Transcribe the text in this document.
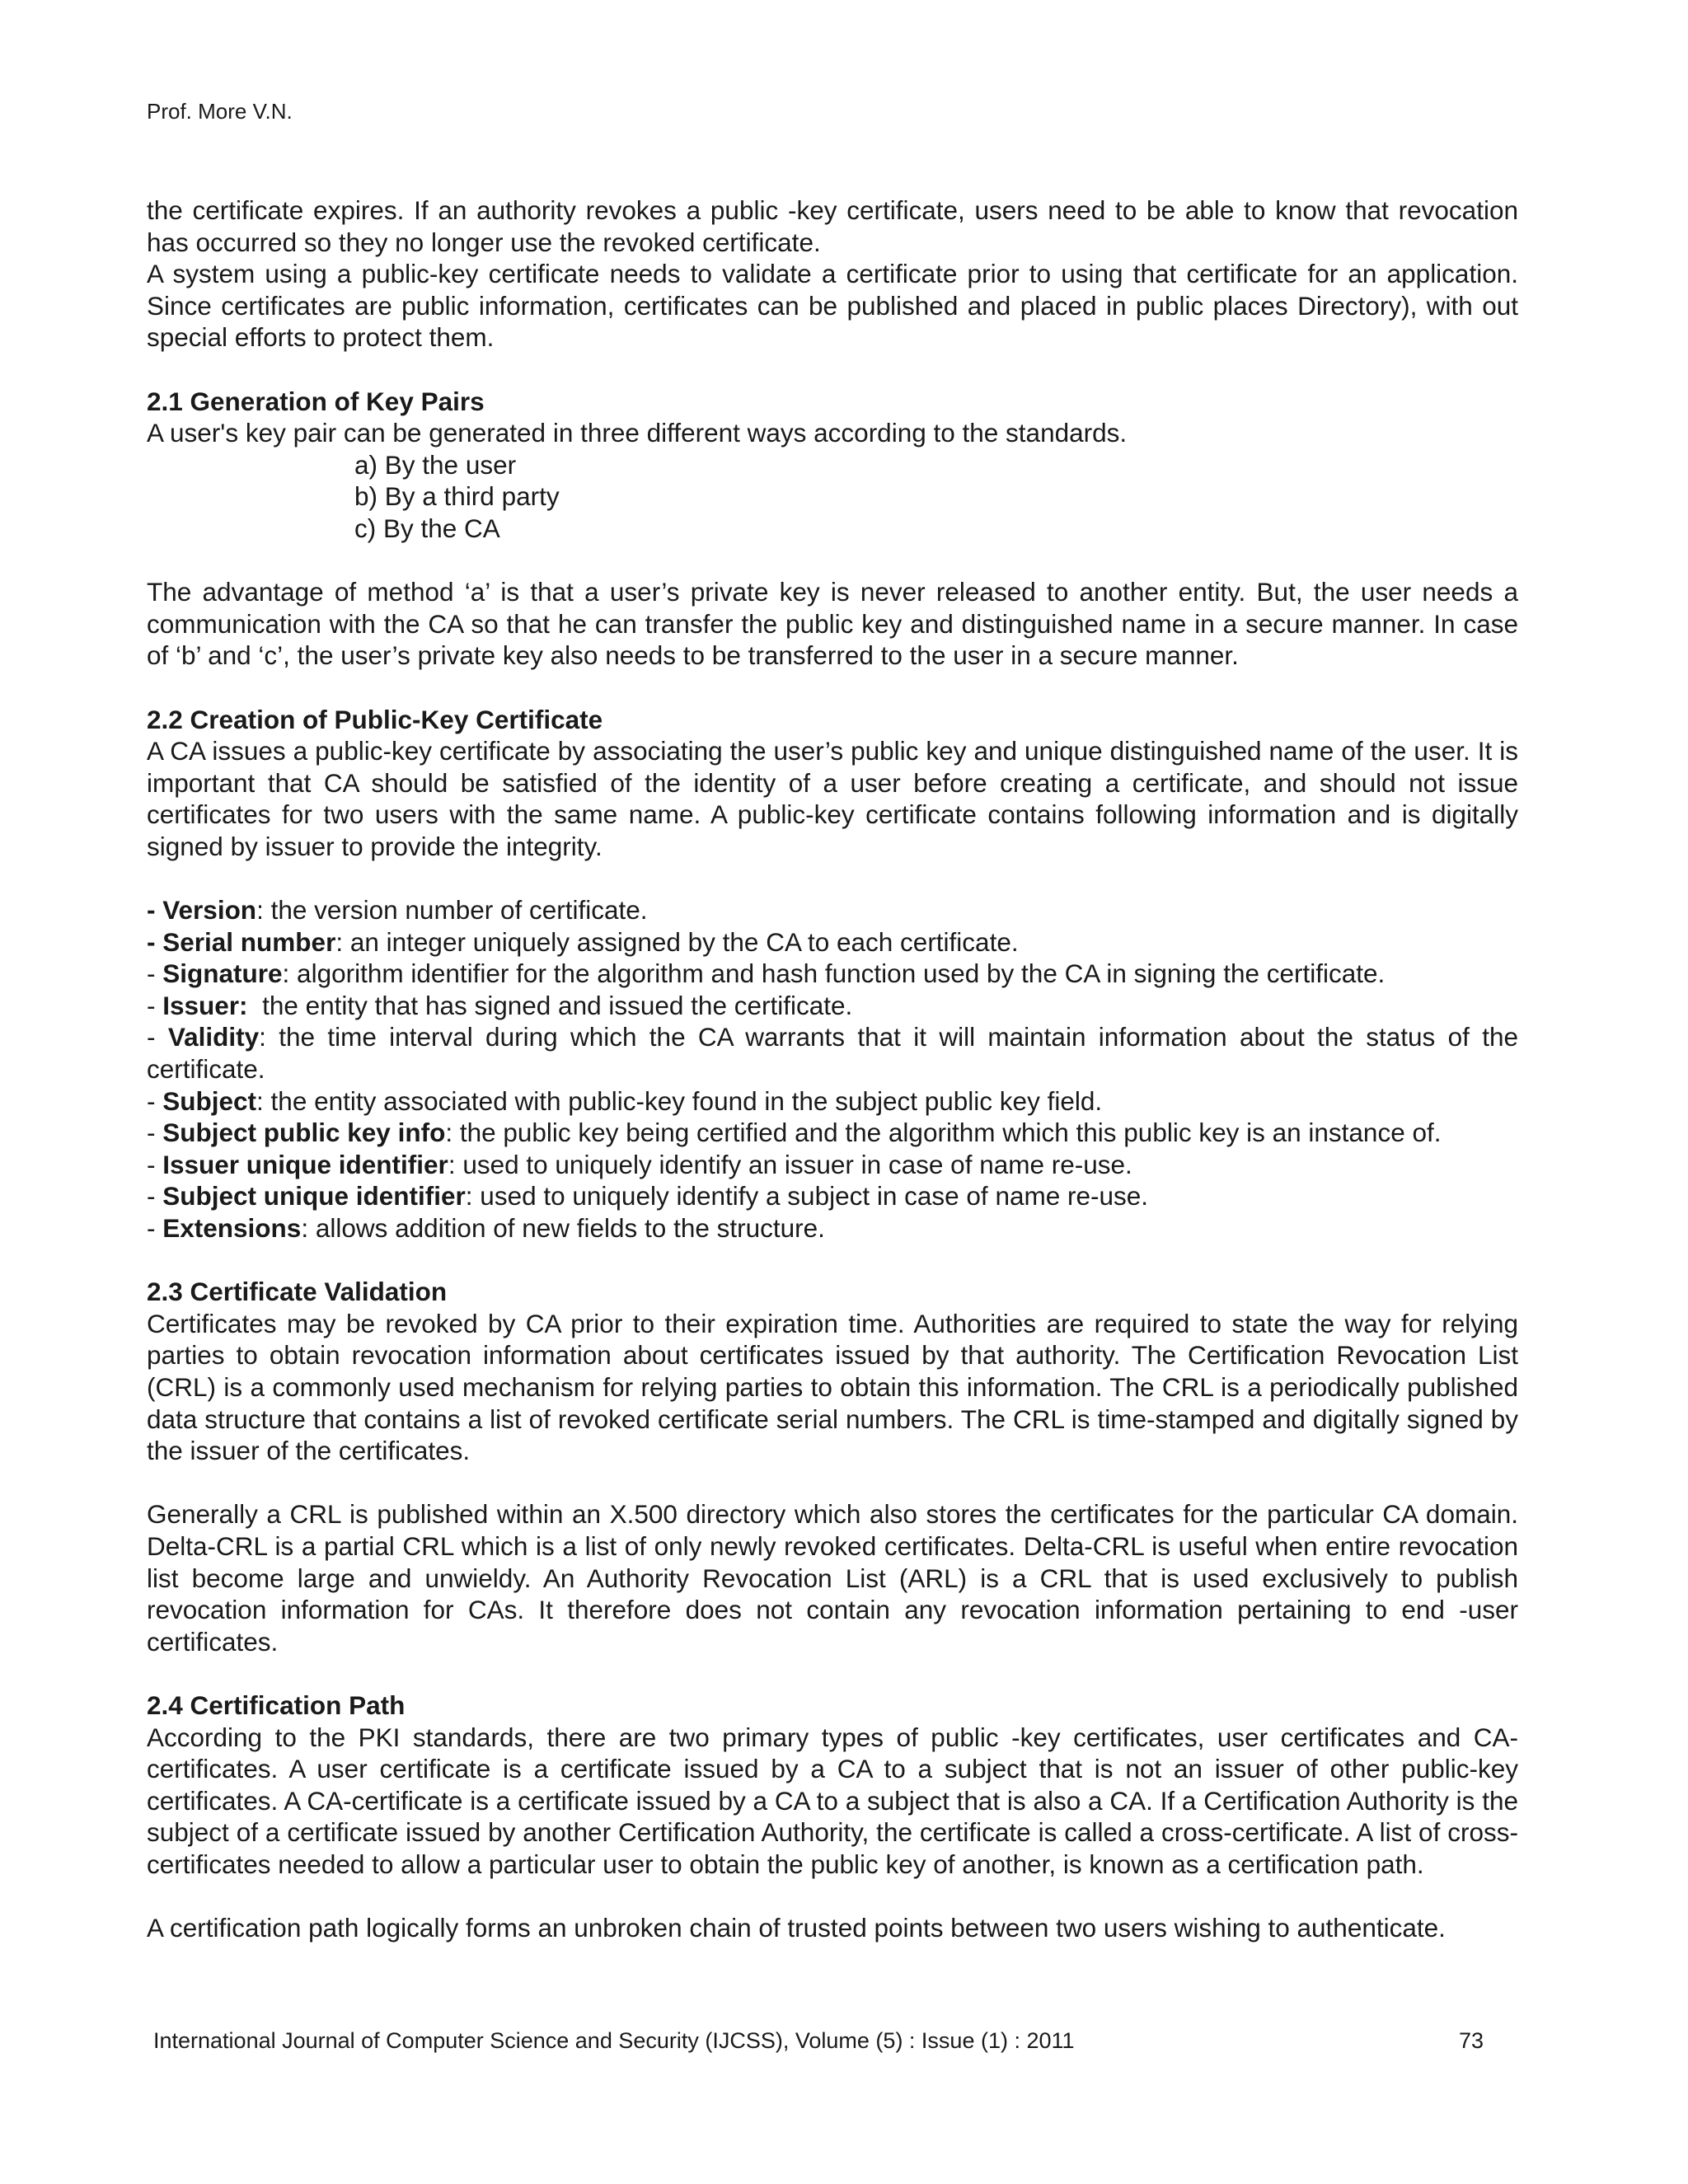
Prof. More V.N.

the certificate expires. If an authority revokes a public -key certificate, users need to be able to know that revocation has occurred so they no longer use the revoked certificate.

A system using a public-key certificate needs to validate a certificate prior to using that certificate for an application. Since certificates are public information, certificates can be published and placed in public places Directory), with out special efforts to protect them.

2.1 Generation of Key Pairs

A user's key pair can be generated in three different ways according to the standards.

a) By the user

b) By a third party

c) By the CA

The advantage of method ‘a’ is that a user’s private key is never released to another entity. But, the user needs a communication with the CA so that he can transfer the public key and distinguished name in a secure manner. In case of ‘b’ and ‘c’, the user’s private key also needs to be transferred to the user in a secure manner.

2.2 Creation of Public-Key Certificate

A CA issues a public-key certificate by associating the user’s public key and unique distinguished name of the user. It is important that CA should be satisfied of the identity of a user before creating a certificate, and should not issue certificates for two users with the same name. A public-key certificate contains following information and is digitally signed by issuer to provide the integrity.

- Version: the version number of certificate.

- Serial number: an integer uniquely assigned by the CA to each certificate.

- Signature: algorithm identifier for the algorithm and hash function used by the CA in signing the certificate.

- Issuer:  the entity that has signed and issued the certificate.

- Validity: the time interval during which the CA warrants that it will maintain information about the status of the certificate.

- Subject: the entity associated with public-key found in the subject public key field.

- Subject public key info: the public key being certified and the algorithm which this public key is an instance of.

- Issuer unique identifier: used to uniquely identify an issuer in case of name re-use.

- Subject unique identifier: used to uniquely identify a subject in case of name re-use.

- Extensions: allows addition of new fields to the structure.

2.3 Certificate Validation

Certificates may be revoked by CA prior to their expiration time. Authorities are required to state the way for relying parties to obtain revocation information about certificates issued by that authority. The Certification Revocation List (CRL) is a commonly used mechanism for relying parties to obtain this information. The CRL is a periodically published data structure that contains a list of revoked certificate serial numbers. The CRL is time-stamped and digitally signed by the issuer of the certificates.

Generally a CRL is published within an X.500 directory which also stores the certificates for the particular CA domain. Delta-CRL is a partial CRL which is a list of only newly revoked certificates. Delta-CRL is useful when entire revocation list become large and unwieldy. An Authority Revocation List (ARL) is a CRL that is used exclusively to publish revocation information for CAs. It therefore does not contain any revocation information pertaining to end -user certificates.

2.4 Certification Path

According to the PKI standards, there are two primary types of public -key certificates, user certificates and CA-certificates. A user certificate is a certificate issued by a CA to a subject that is not an issuer of other public-key certificates. A CA-certificate is a certificate issued by a CA to a subject that is also a CA. If a Certification Authority is the subject of a certificate issued by another Certification Authority, the certificate is called a cross-certificate. A list of cross-certificates needed to allow a particular user to obtain the public key of another, is known as a certification path.

A certification path logically forms an unbroken chain of trusted points between two users wishing to authenticate.

International Journal of Computer Science and Security (IJCSS), Volume (5) : Issue (1) : 2011	73
